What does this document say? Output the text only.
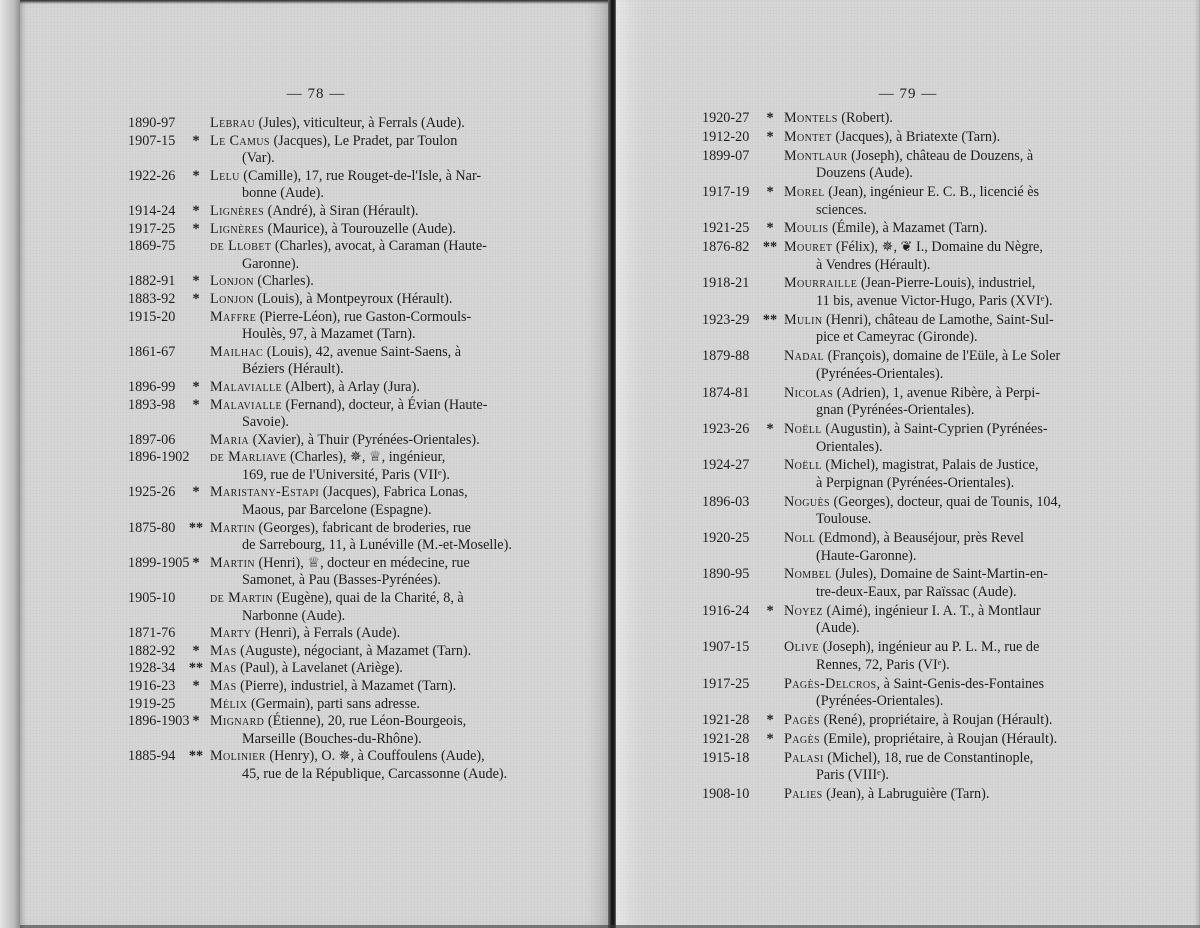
— 78 —
1890-97	Lebrau (Jules), viticulteur, à Ferrals (Aude).
1907-15	* Le Camus (Jacques), Le Pradet, par Toulon
(Var).
1922-26	* Lelu (Camille), 17, rue Rouget-de-l'Isle, à Nar-
bonne (Aude).
1914-24	* Lignères (André), à Siran (Hérault).
1917-25	* Lignères (Maurice), à Tourouzelle (Aude).
1869-75	de Llobet (Charles), avocat, à Caraman (Haute-
Garonne).
1882-91	* Lonjon (Charles).
1883-92	* Lonjon (Louis), à Montpeyroux (Hérault).
1915-20	Maffre (Pierre-Léon), rue Gaston-Cormouls-
Houlès, 97, à Mazamet (Tarn).
1861-67	Mailhac (Louis), 42, avenue Saint-Saens, à
Béziers (Hérault).
1896-99	* Malavialle (Albert), à Arlay (Jura).
1893-98	* Malavialle (Fernand), docteur, à Évian (Haute-
Savoie).
1897-06	Maria (Xavier), à Thuir (Pyrénées-Orientales).
1896-1902 de Marliave (Charles), ✵, ♕, ingénieur,
169, rue de l'Université, Paris (VIIᵉ).
1925-26	* Maristany-Estapi (Jacques), Fabrica Lonas,
Maous, par Barcelone (Espagne).
1875-80 ** Martin (Georges), fabricant de broderies, rue
de Sarrebourg, 11, à Lunéville (M.-et-Moselle).
1899-1905 * Martin (Henri), ♕, docteur en médecine, rue
Samonet, à Pau (Basses-Pyrénées).
1905-10	de Martin (Eugène), quai de la Charité, 8, à
Narbonne (Aude).
1871-76	Marty (Henri), à Ferrals (Aude).
1882-92	* Mas (Auguste), négociant, à Mazamet (Tarn).
1928-34 ** Mas (Paul), à Lavelanet (Ariège).
1916-23	* Mas (Pierre), industriel, à Mazamet (Tarn).
1919-25	Mélix (Germain), parti sans adresse.
1896-1903 * Mignard (Étienne), 20, rue Léon-Bourgeois,
Marseille (Bouches-du-Rhône).
1885-94 ** Molinier (Henry), O. ✵, à Couffoulens (Aude),
45, rue de la République, Carcassonne (Aude).
— 79 —
1920-27	* Montels (Robert).
1912-20	* Montet (Jacques), à Briatexte (Tarn).
1899-07	Montlaur (Joseph), château de Douzens, à
Douzens (Aude).
1917-19	* Morel (Jean), ingénieur E. C. B., licencié ès
sciences.
1921-25	* Moulis (Émile), à Mazamet (Tarn).
1876-82 ** Mouret (Félix), ✵, ❦ I., Domaine du Nègre,
à Vendres (Hérault).
1918-21	Mourraille (Jean-Pierre-Louis), industriel,
11 bis, avenue Victor-Hugo, Paris (XVIᵉ).
1923-29 ** Mulin (Henri), château de Lamothe, Saint-Sul-
pice et Cameyrac (Gironde).
1879-88	Nadal (François), domaine de l'Eüle, à Le Soler
(Pyrénées-Orientales).
1874-81	Nicolas (Adrien), 1, avenue Ribère, à Perpi-
gnan (Pyrénées-Orientales).
1923-26	* Noëll (Augustin), à Saint-Cyprien (Pyrénées-
Orientales).
1924-27	Noëll (Michel), magistrat, Palais de Justice,
à Perpignan (Pyrénées-Orientales).
1896-03	Noguès (Georges), docteur, quai de Tounis, 104,
Toulouse.
1920-25	Noll (Edmond), à Beauséjour, près Revel
(Haute-Garonne).
1890-95	Nombel (Jules), Domaine de Saint-Martin-en-
tre-deux-Eaux, par Raïssac (Aude).
1916-24	* Noyez (Aimé), ingénieur I. A. T., à Montlaur
(Aude).
1907-15	Olive (Joseph), ingénieur au P. L. M., rue de
Rennes, 72, Paris (VIᵉ).
1917-25	Pagès-Delcros, à Saint-Genis-des-Fontaines
(Pyrénées-Orientales).
1921-28	* Pagès (René), propriétaire, à Roujan (Hérault).
1921-28	* Pagès (Emile), propriétaire, à Roujan (Hérault).
1915-18	Palasi (Michel), 18, rue de Constantinople,
Paris (VIIIᵉ).
1908-10	Palies (Jean), à Labruguière (Tarn).
